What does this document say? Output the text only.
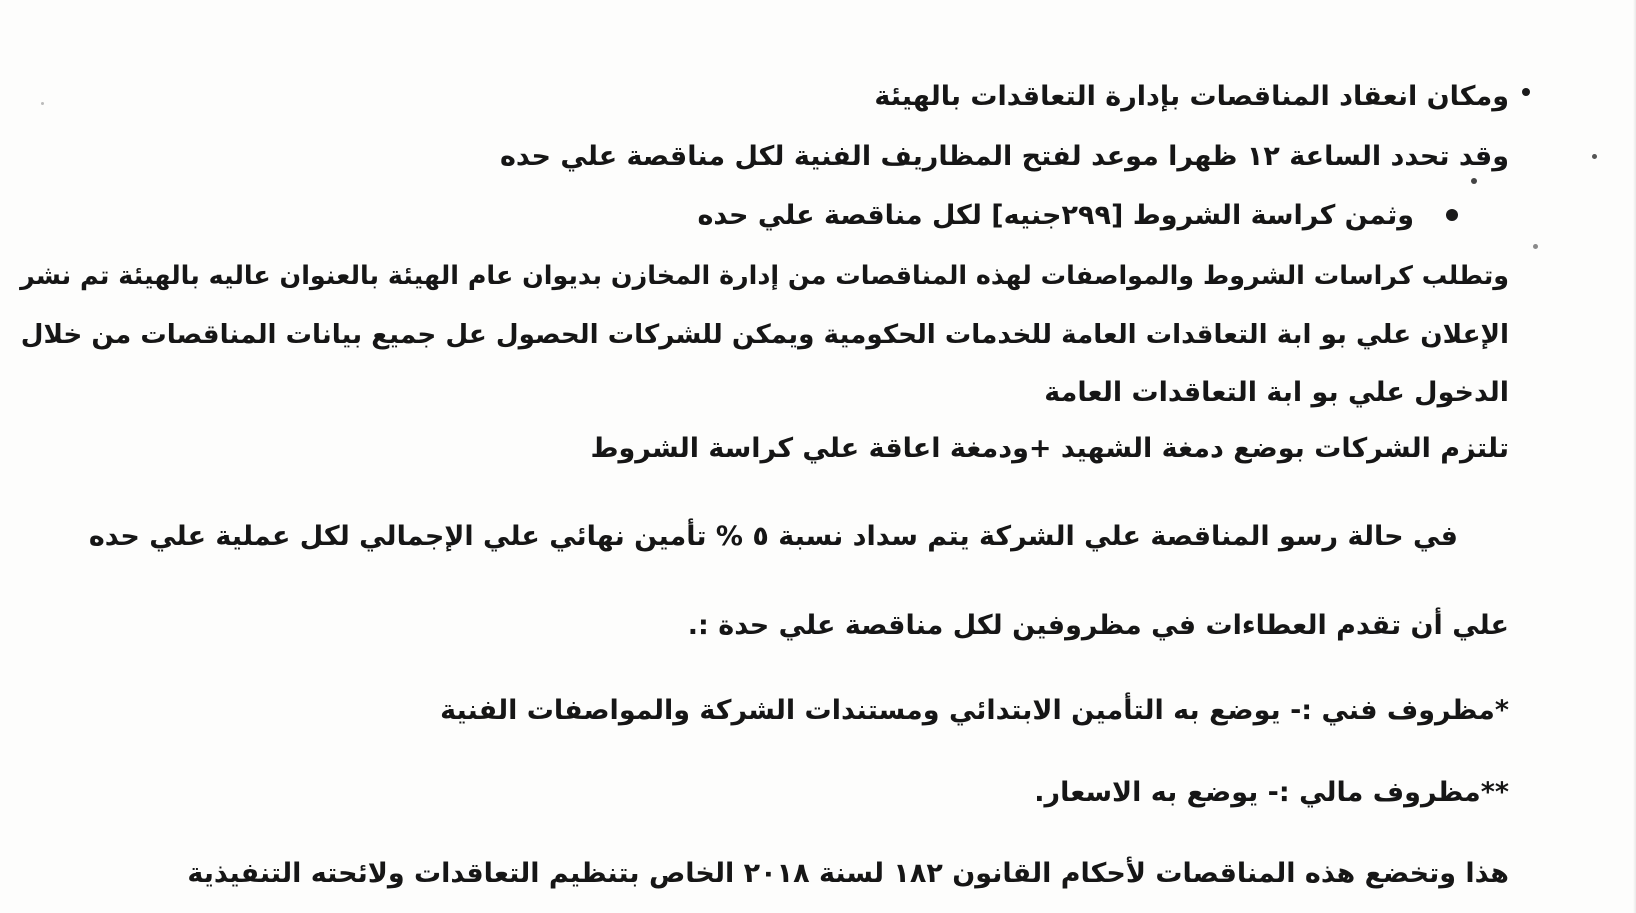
ومكان انعقاد المناقصات بإدارة التعاقدات بالهيئة
وقد تحدد الساعة ١٢ ظهرا موعد لفتح المظاريف الفنية لكل مناقصة علي حده
وثمن كراسة الشروط [٢٩٩جنيه] لكل مناقصة علي حده
وتطلب كراسات الشروط والمواصفات لهذه المناقصات من إدارة المخازن بديوان عام الهيئة بالعنوان عاليه بالهيئة تم نشر
الإعلان علي بو ابة التعاقدات العامة للخدمات الحكومية ويمكن للشركات الحصول عل جميع بيانات المناقصات من خلال
الدخول علي بو ابة التعاقدات العامة
تلتزم الشركات بوضع دمغة الشهيد +ودمغة اعاقة علي كراسة الشروط
في حالة رسو المناقصة علي الشركة يتم سداد نسبة ٥ % تأمين نهائي علي الإجمالي لكل عملية علي حده
علي أن تقدم العطاءات في مظروفين لكل مناقصة علي حدة :.
*مظروف فني :- يوضع به التأمين الابتدائي ومستندات الشركة والمواصفات الفنية
**مظروف مالي :- يوضع به الاسعار.
هذا وتخضع هذه المناقصات لأحكام القانون ١٨٢ لسنة ٢٠١٨ الخاص بتنظيم التعاقدات ولائحته التنفيذية
